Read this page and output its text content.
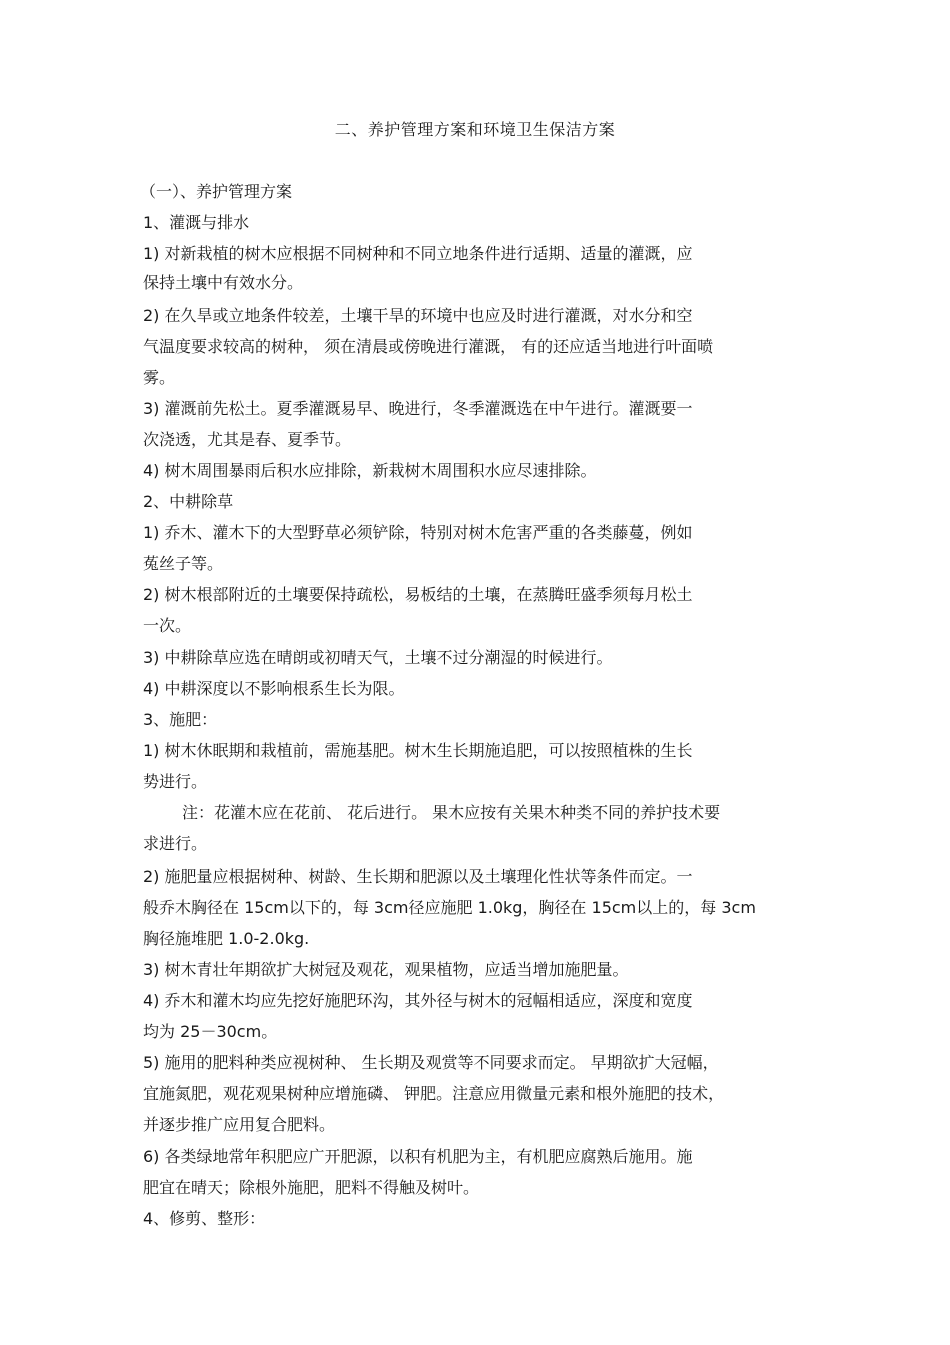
二、养护管理方案和环境卫生保洁方案
（一）、养护管理方案
1、灌溉与排水
1) 对新栽植的树木应根据不同树种和不同立地条件进行适期、适量的灌溉，应
保持土壤中有效水分。
2) 在久旱或立地条件较差，土壤干旱的环境中也应及时进行灌溉，对水分和空
气温度要求较高的树种， 须在清晨或傍晚进行灌溉， 有的还应适当地进行叶面喷
雾。
3) 灌溉前先松土。夏季灌溉易早、晚进行，冬季灌溉选在中午进行。灌溉要一
次浇透，尤其是春、夏季节。
4) 树木周围暴雨后积水应排除，新栽树木周围积水应尽速排除。
2、中耕除草
1) 乔木、灌木下的大型野草必须铲除，特别对树木危害严重的各类藤蔓，例如
菟丝子等。
2) 树木根部附近的土壤要保持疏松，易板结的土壤，在蒸腾旺盛季须每月松土
一次。
3) 中耕除草应选在晴朗或初晴天气，土壤不过分潮湿的时候进行。
4) 中耕深度以不影响根系生长为限。
3、施肥：
1) 树木休眠期和栽植前，需施基肥。树木生长期施追肥，可以按照植株的生长
势进行。
注：花灌木应在花前、 花后进行。 果木应按有关果木种类不同的养护技术要
求进行。
2) 施肥量应根据树种、树龄、生长期和肥源以及土壤理化性状等条件而定。一
般乔木胸径在 15cm以下的，每 3cm径应施肥 1.0kg，胸径在 15cm以上的，每 3cm
胸径施堆肥 1.0-2.0kg.
3) 树木青壮年期欲扩大树冠及观花，观果植物，应适当增加施肥量。
4) 乔木和灌木均应先挖好施肥环沟，其外径与树木的冠幅相适应，深度和宽度
均为 25－30cm。
5) 施用的肥料种类应视树种、 生长期及观赏等不同要求而定。 早期欲扩大冠幅，
宜施氮肥，观花观果树种应增施磷、 钾肥。注意应用微量元素和根外施肥的技术，
并逐步推广应用复合肥料。
6) 各类绿地常年积肥应广开肥源，以积有机肥为主，有机肥应腐熟后施用。施
肥宜在晴天；除根外施肥，肥料不得触及树叶。
4、修剪、整形：
